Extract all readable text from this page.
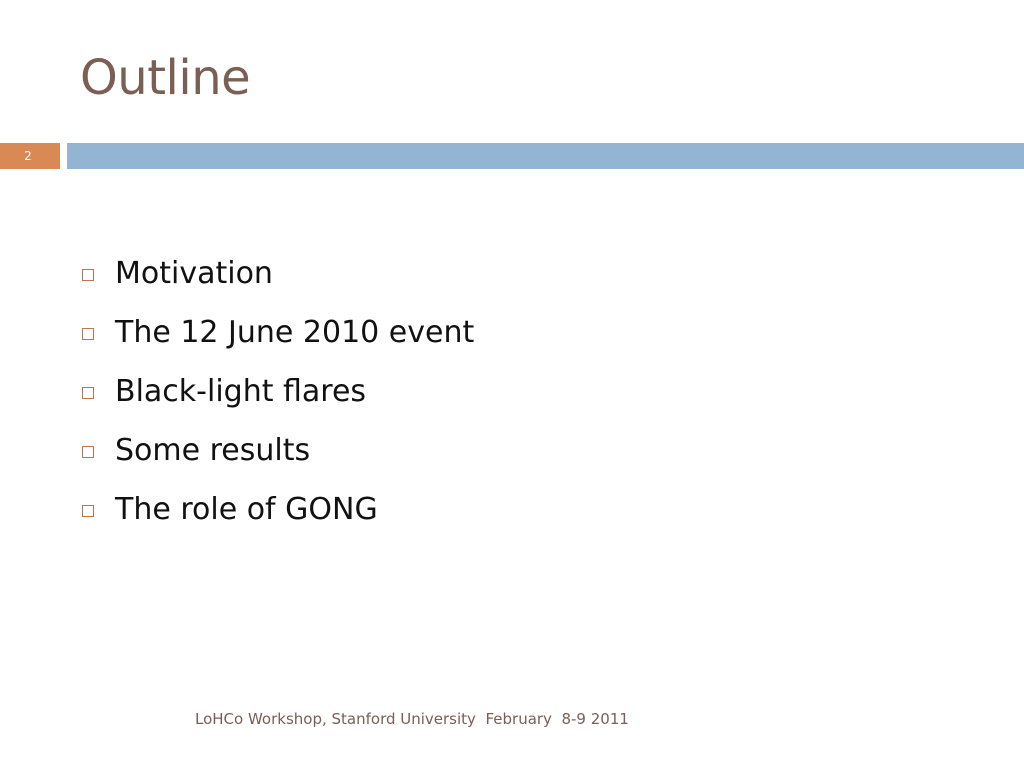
Outline
2
Motivation
The 12 June 2010 event
Black-light flares
Some results
The role of GONG
LoHCo Workshop, Stanford University  February  8-9 2011
